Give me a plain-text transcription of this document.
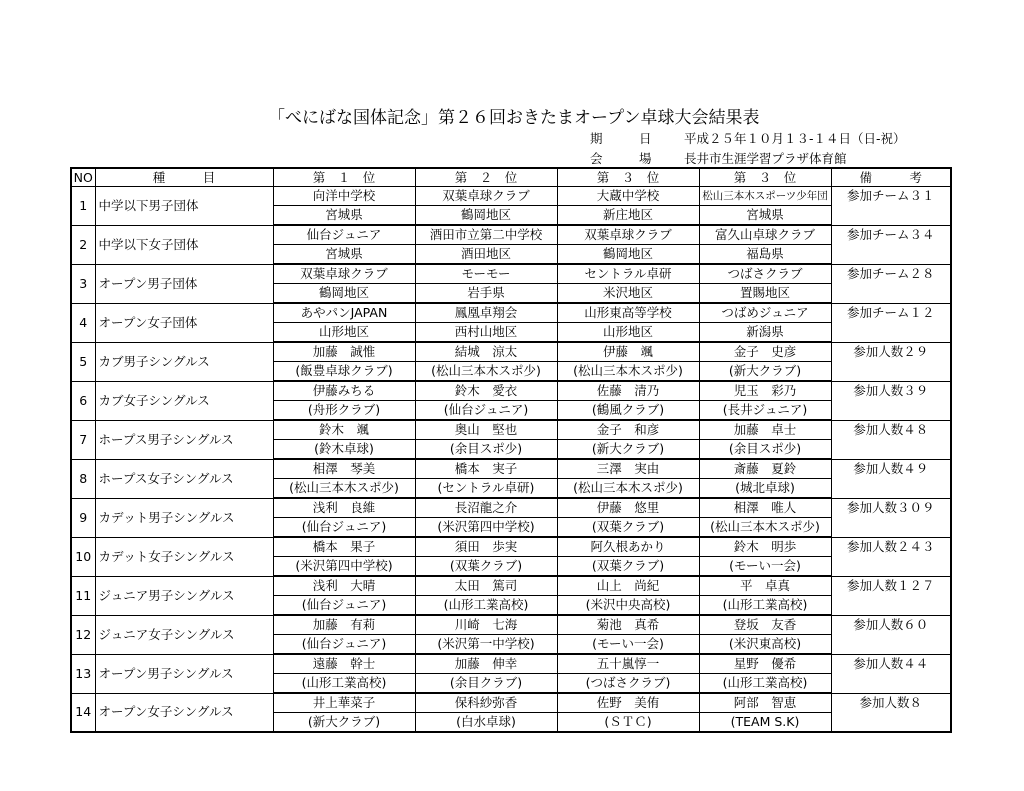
「べにばな国体記念」第２６回おきたまオープン卓球大会結果表
期　日 平成２５年１０月１３-１４日（日-祝）
会　場 長井市生涯学習プラザ体育館
NO	種　　　目	第　１　位	第　２　位	第　３　位	第　３　位	備　　　考
1	中学以下男子団体	向洋中学校	双葉卓球クラブ	大蔵中学校	松山三本木スポーツ少年団	参加チーム３１
		宮城県	鶴岡地区	新庄地区	宮城県	
2	中学以下女子団体	仙台ジュニア	酒田市立第二中学校	双葉卓球クラブ	富久山卓球クラブ	参加チーム３４
		宮城県	酒田地区	鶴岡地区	福島県	
3	オープン男子団体	双葉卓球クラブ	モーモー	セントラル卓研	つばさクラブ	参加チーム２８
		鶴岡地区	岩手県	米沢地区	置賜地区	
4	オープン女子団体	あやパンJAPAN	鳳凰卓翔会	山形東高等学校	つばめジュニア	参加チーム１２
		山形地区	西村山地区	山形地区	新潟県	
5	カブ男子シングルス	加藤　誠惟	結城　涼太	伊藤　颯	金子　史彦	参加人数２９
		(飯豊卓球クラブ)	(松山三本木スポ少)	(松山三本木スポ少)	(新大クラブ)	
6	カブ女子シングルス	伊藤みちる	鈴木　愛衣	佐藤　清乃	児玉　彩乃	参加人数３９
		(舟形クラブ)	(仙台ジュニア)	(鶴風クラブ)	(長井ジュニア)	
7	ホープス男子シングルス	鈴木　颯	奥山　堅也	金子　和彦	加藤　卓士	参加人数４８
		(鈴木卓球)	(余目スポ少)	(新大クラブ)	(余目スポ少)	
8	ホープス女子シングルス	相澤　琴美	橋本　実子	三澤　実由	斎藤　夏鈴	参加人数４９
		(松山三本木スポ少)	(セントラル卓研)	(松山三本木スポ少)	(城北卓球)	
9	カデット男子シングルス	浅利　良維	長沼龍之介	伊藤　悠里	相澤　唯人	参加人数３０９
		(仙台ジュニア)	(米沢第四中学校)	(双葉クラブ)	(松山三本木スポ少)	
10	カデット女子シングルス	橋本　果子	須田　歩実	阿久根あかり	鈴木　明歩	参加人数２４３
		(米沢第四中学校)	(双葉クラブ)	(双葉クラブ)	(モーい一会)	
11	ジュニア男子シングルス	浅利　大晴	太田　篤司	山上　尚紀	平　卓真	参加人数１２７
		(仙台ジュニア)	(山形工業高校)	(米沢中央高校)	(山形工業高校)	
12	ジュニア女子シングルス	加藤　有莉	川崎　七海	菊池　真希	登坂　友香	参加人数６０
		(仙台ジュニア)	(米沢第一中学校)	(モーい一会)	(米沢東高校)	
13	オープン男子シングルス	遠藤　幹士	加藤　伸幸	五十嵐惇一	星野　優希	参加人数４４
		(山形工業高校)	(余目クラブ)	(つばさクラブ)	(山形工業高校)	
14	オープン女子シングルス	井上華菜子	保科紗弥香	佐野　美侑	阿部　智恵	参加人数８
		(新大クラブ)	(白水卓球)	(ＳＴＣ)	(TEAM S.K)	
